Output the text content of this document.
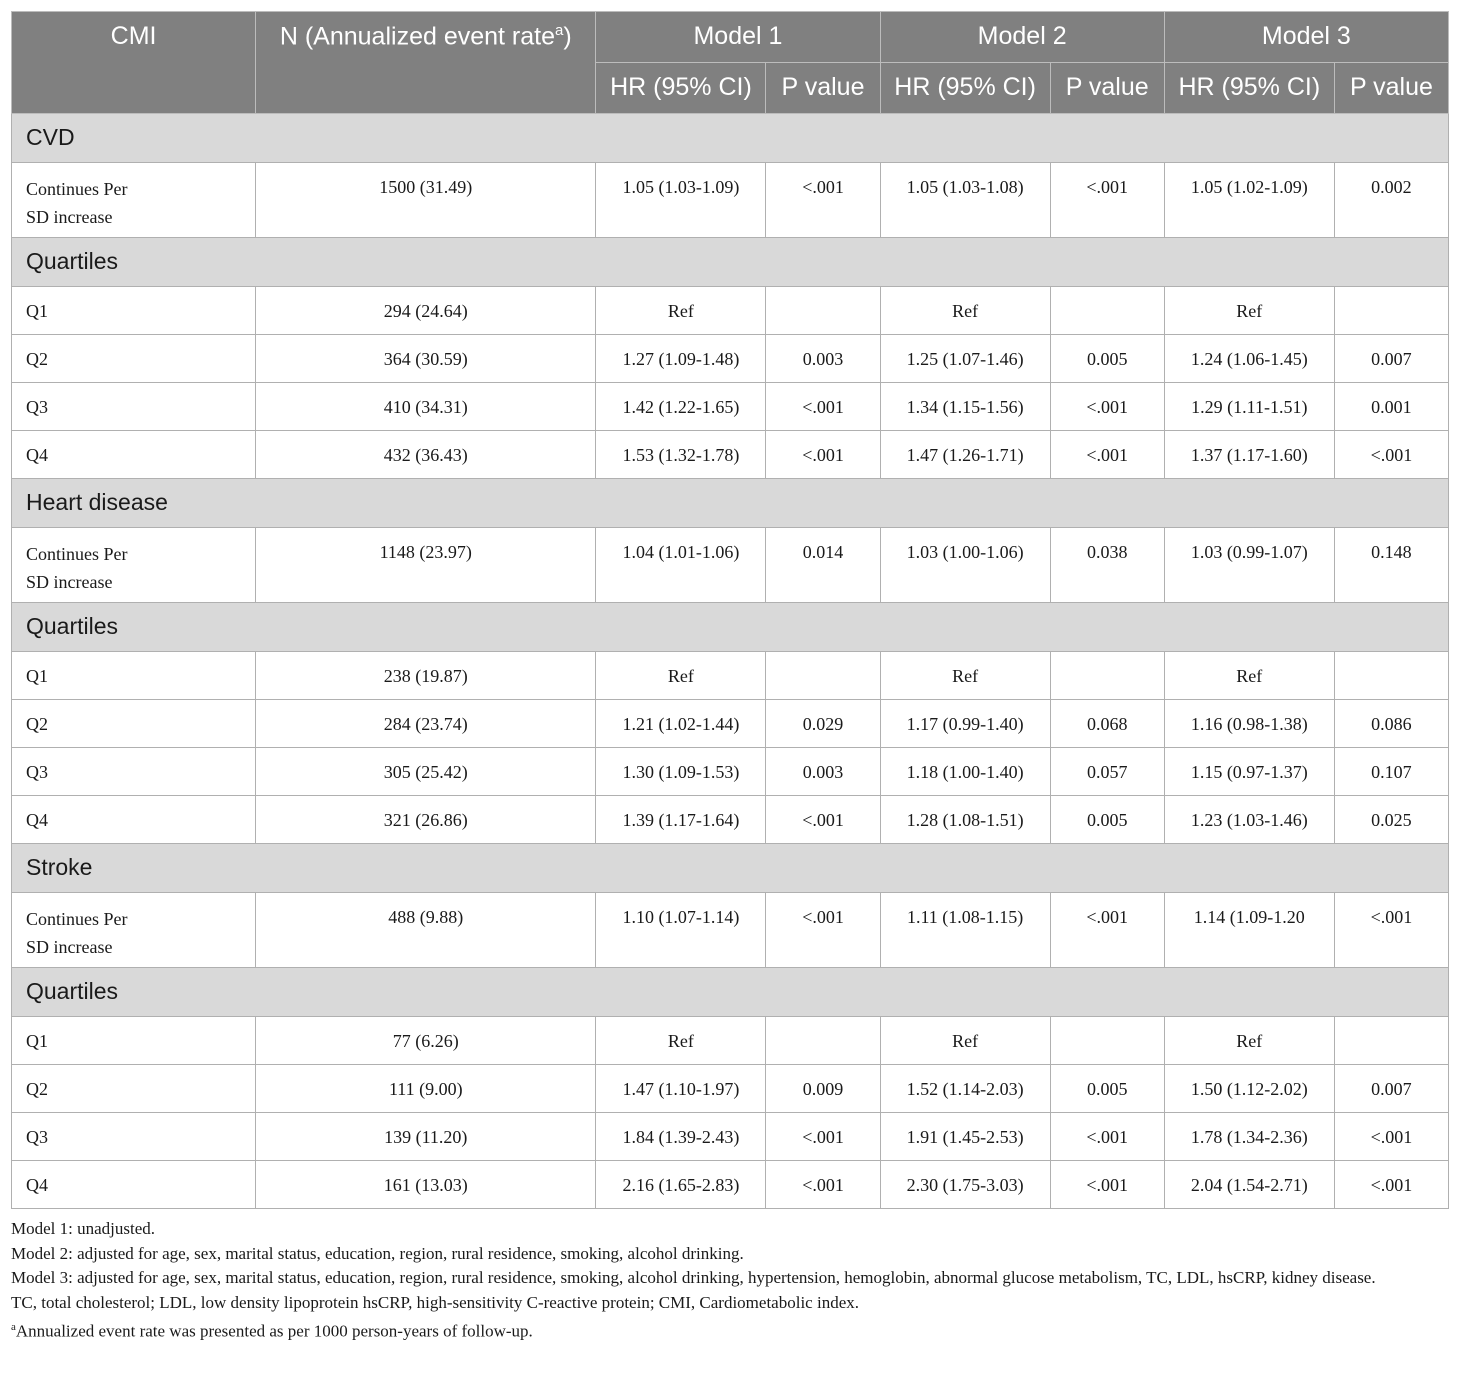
CMI	N (Annualized event rate$^a$)	Model 1		Model 2		Model 3	

		HR (95% CI)	P value	HR (95% CI)	P value	HR (95% CI)	P value

CVD							

Continues Per
SD increase	1500 (31.49)	1.05 (1.03-1.09)	<.001	1.05 (1.03-1.08)	<.001	1.05 (1.02-1.09)	0.002

Quartiles							

Q1	294 (24.64)	Ref		Ref		Ref	

Q2	364 (30.59)	1.27 (1.09-1.48)	0.003	1.25 (1.07-1.46)	0.005	1.24 (1.06-1.45)	0.007

Q3	410 (34.31)	1.42 (1.22-1.65)	<.001	1.34 (1.15-1.56)	<.001	1.29 (1.11-1.51)	0.001

Q4	432 (36.43)	1.53 (1.32-1.78)	<.001	1.47 (1.26-1.71)	<.001	1.37 (1.17-1.60)	<.001

Heart disease							

Continues Per
SD increase	1148 (23.97)	1.04 (1.01-1.06)	0.014	1.03 (1.00-1.06)	0.038	1.03 (0.99-1.07)	0.148

Quartiles							

Q1	238 (19.87)	Ref		Ref		Ref	

Q2	284 (23.74)	1.21 (1.02-1.44)	0.029	1.17 (0.99-1.40)	0.068	1.16 (0.98-1.38)	0.086

Q3	305 (25.42)	1.30 (1.09-1.53)	0.003	1.18 (1.00-1.40)	0.057	1.15 (0.97-1.37)	0.107

Q4	321 (26.86)	1.39 (1.17-1.64)	<.001	1.28 (1.08-1.51)	0.005	1.23 (1.03-1.46)	0.025

Stroke							

Continues Per
SD increase	488 (9.88)	1.10 (1.07-1.14)	<.001	1.11 (1.08-1.15)	<.001	1.14 (1.09-1.20	<.001

Quartiles							

Q1	77 (6.26)	Ref		Ref		Ref	

Q2	111 (9.00)	1.47 (1.10-1.97)	0.009	1.52 (1.14-2.03)	0.005	1.50 (1.12-2.02)	0.007

Q3	139 (11.20)	1.84 (1.39-2.43)	<.001	1.91 (1.45-2.53)	<.001	1.78 (1.34-2.36)	<.001

Q4	161 (13.03)	2.16 (1.65-2.83)	<.001	2.30 (1.75-3.03)	<.001	2.04 (1.54-2.71)	<.001

Model 1: unadjusted.

Model 2: adjusted for age, sex, marital status, education, region, rural residence, smoking, alcohol drinking.

Model 3: adjusted for age, sex, marital status, education, region, rural residence, smoking, alcohol drinking, hypertension, hemoglobin, abnormal glucose metabolism, TC, LDL, hsCRP, kidney disease.

TC, total cholesterol; LDL, low density lipoprotein hsCRP, high-sensitivity C-reactive protein; CMI, Cardiometabolic index.

$^a$Annualized event rate was presented as per 1000 person-years of follow-up.
